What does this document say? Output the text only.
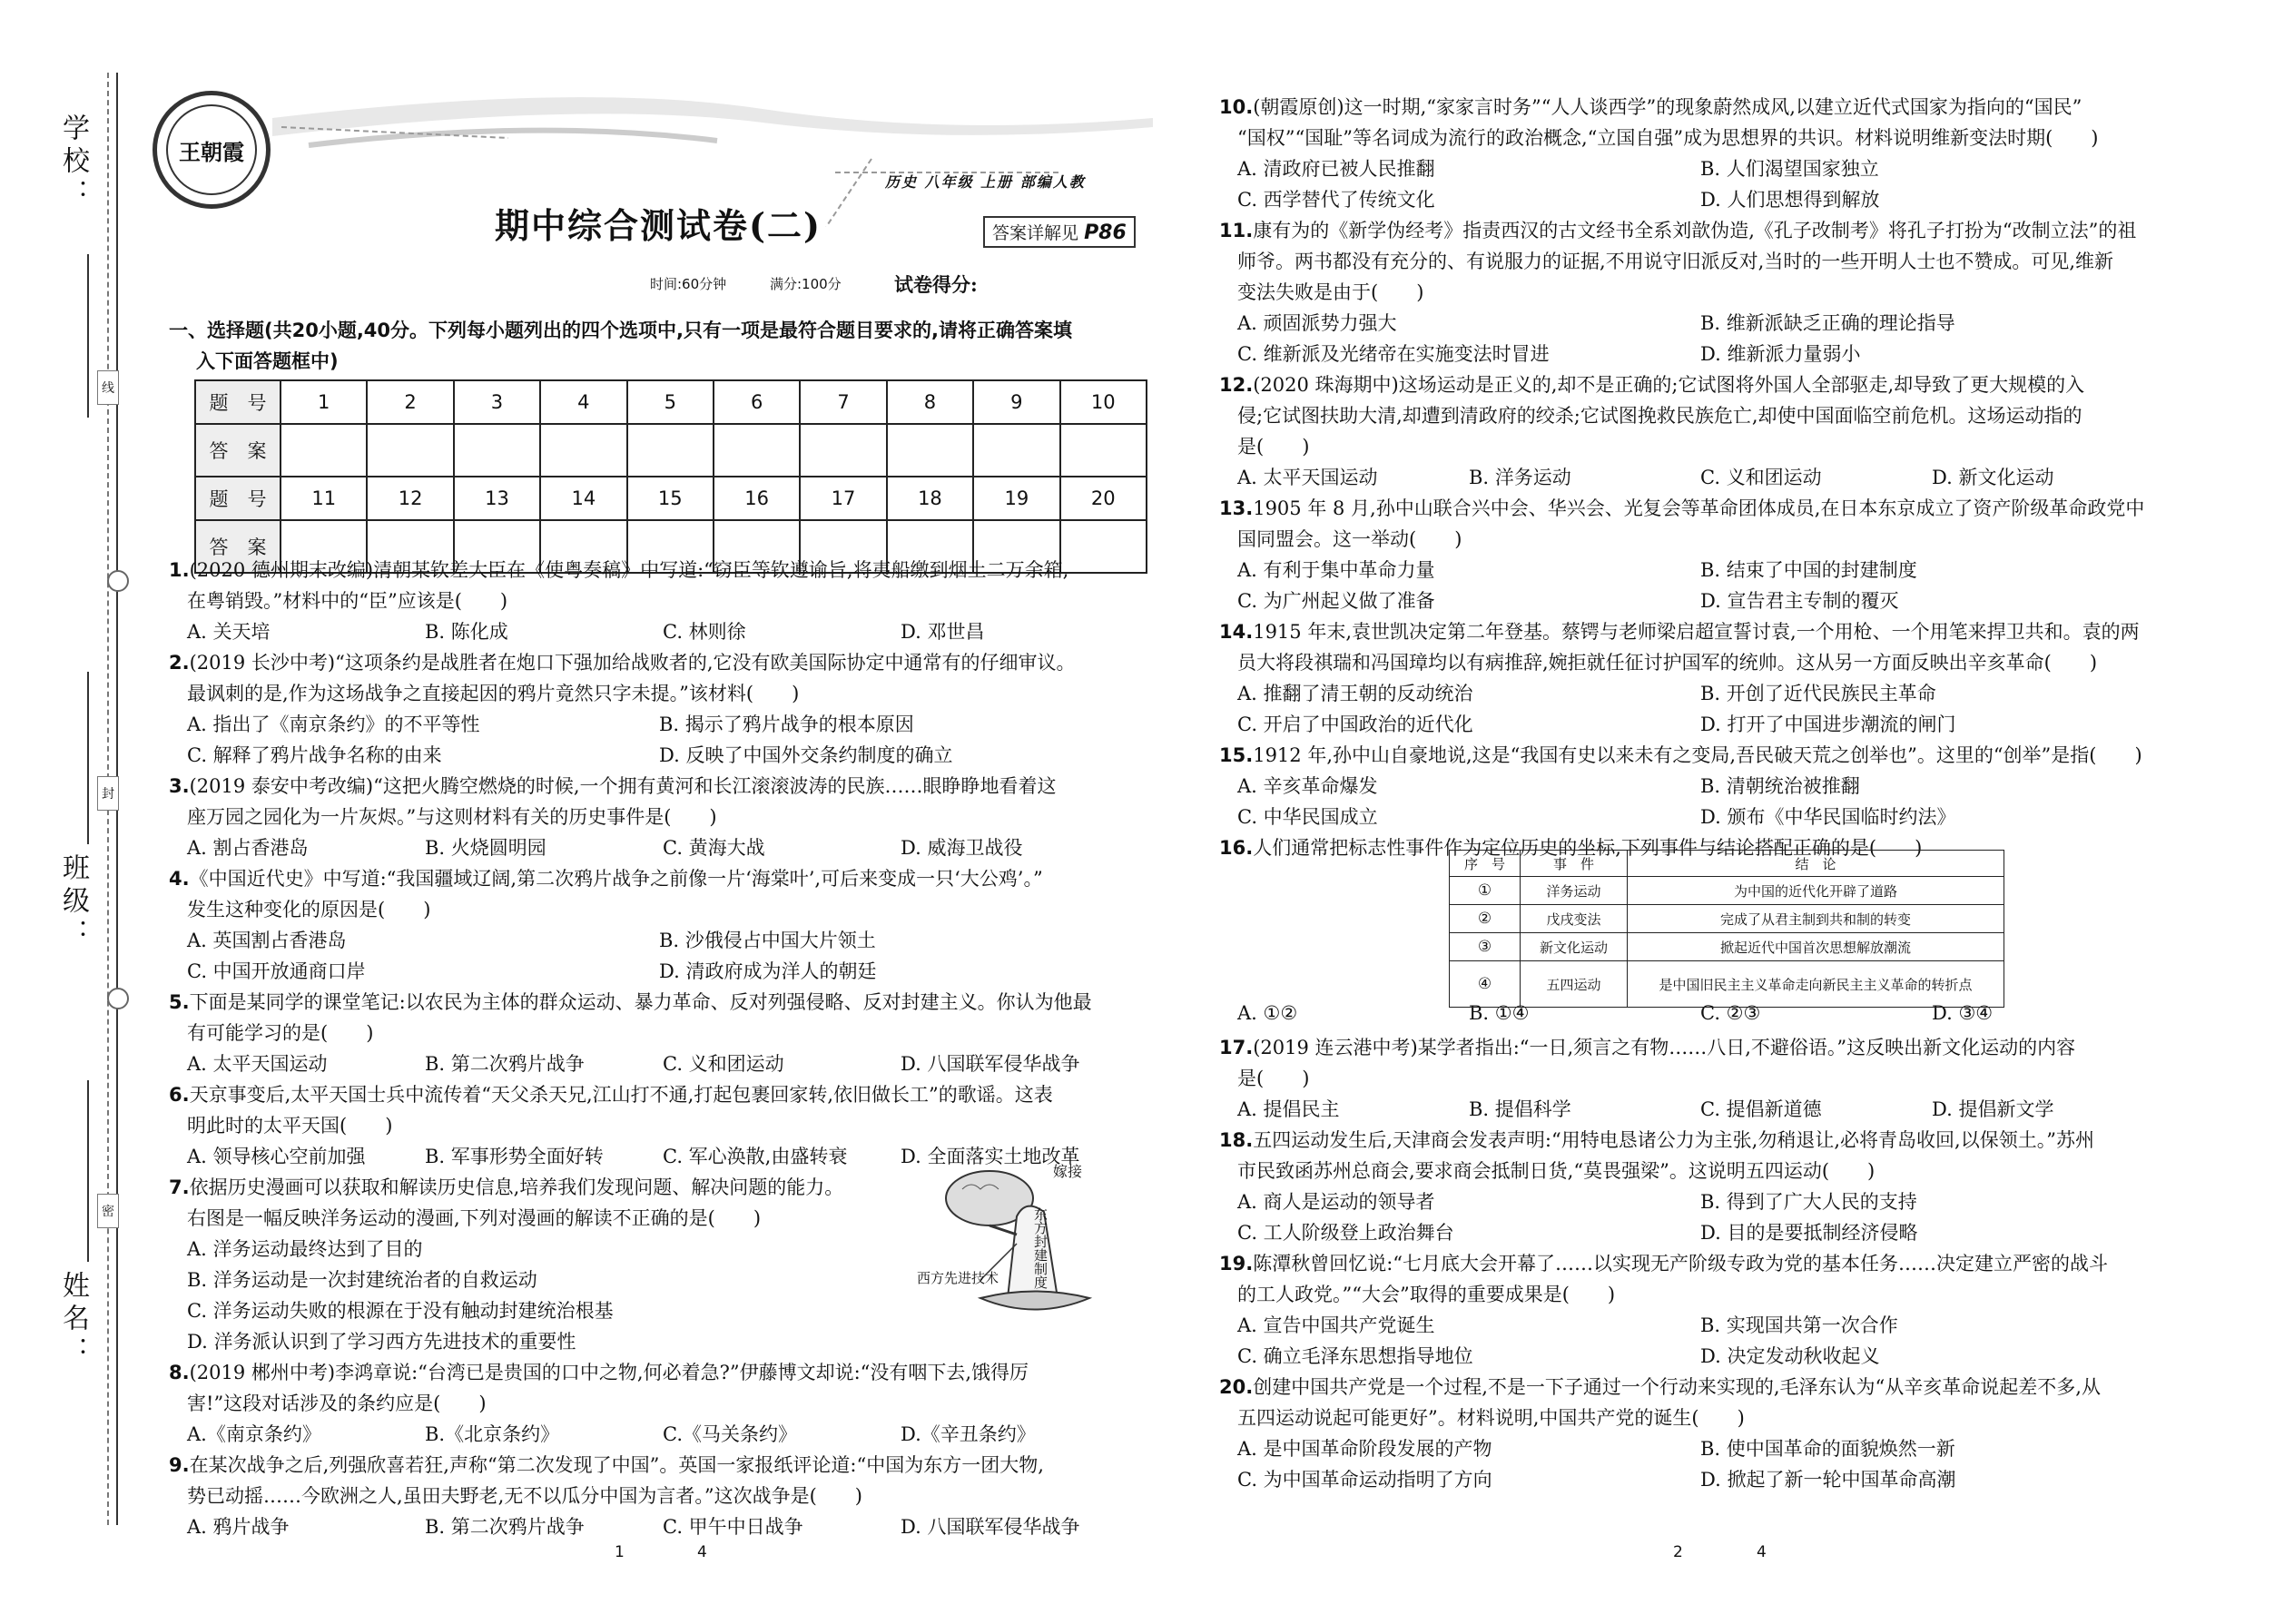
学校：
班级：
姓名：
线
封
密
王朝霞
历史 八年级 上册 部编人教
期中综合测试卷(二)	答案详解见 P86
时间:60分钟	满分:100分	试卷得分:
一、选择题(共20小题,40分。下列每小题列出的四个选项中,只有一项是最符合题目要求的,请将正确答案填
入下面答题框中)
题　号	1	2	3	4	5	6	7	8	9	10
答　案										
题　号	11	12	13	14	15	16	17	18	19	20
答　案										
1.(2020 德州期末改编)清朝某钦差大臣在《使粤奏稿》中写道:“窃臣等钦遵谕旨,将夷船缴到烟土二万余箱,
在粤销毁。”材料中的“臣”应该是(　　)
A. 关天培	B. 陈化成	C. 林则徐	D. 邓世昌
2.(2019 长沙中考)“这项条约是战胜者在炮口下强加给战败者的,它没有欧美国际协定中通常有的仔细审议。
最讽刺的是,作为这场战争之直接起因的鸦片竟然只字未提。”该材料(　　)
A. 指出了《南京条约》的不平等性	B. 揭示了鸦片战争的根本原因
C. 解释了鸦片战争名称的由来	D. 反映了中国外交条约制度的确立
3.(2019 泰安中考改编)“这把火腾空燃烧的时候,一个拥有黄河和长江滚滚波涛的民族……眼睁睁地看着这
座万园之园化为一片灰烬。”与这则材料有关的历史事件是(　　)
A. 割占香港岛	B. 火烧圆明园	C. 黄海大战	D. 威海卫战役
4.《中国近代史》中写道:“我国疆域辽阔,第二次鸦片战争之前像一片‘海棠叶’,可后来变成一只‘大公鸡’。”
发生这种变化的原因是(　　)
A. 英国割占香港岛	B. 沙俄侵占中国大片领土
C. 中国开放通商口岸	D. 清政府成为洋人的朝廷
5.下面是某同学的课堂笔记:以农民为主体的群众运动、暴力革命、反对列强侵略、反对封建主义。你认为他最
有可能学习的是(　　)
A. 太平天国运动	B. 第二次鸦片战争	C. 义和团运动	D. 八国联军侵华战争
6.天京事变后,太平天国士兵中流传着“天父杀天兄,江山打不通,打起包裹回家转,依旧做长工”的歌谣。这表
明此时的太平天国(　　)
A. 领导核心空前加强	B. 军事形势全面好转	C. 军心涣散,由盛转衰	D. 全面落实土地改革
7.依据历史漫画可以获取和解读历史信息,培养我们发现问题、解决问题的能力。
右图是一幅反映洋务运动的漫画,下列对漫画的解读不正确的是(　　)
A. 洋务运动最终达到了目的
B. 洋务运动是一次封建统治者的自救运动
C. 洋务运动失败的根源在于没有触动封建统治根基
D. 洋务派认识到了学习西方先进技术的重要性
8.(2019 郴州中考)李鸿章说:“台湾已是贵国的口中之物,何必着急?”伊藤博文却说:“没有咽下去,饿得厉
害!”这段对话涉及的条约应是(　　)
A.《南京条约》	B.《北京条约》	C.《马关条约》	D.《辛丑条约》
9.在某次战争之后,列强欣喜若狂,声称“第二次发现了中国”。英国一家报纸评论道:“中国为东方一团大物,
势已动摇……今欧洲之人,虽田夫野老,无不以瓜分中国为言者。”这次战争是(　　)
A. 鸦片战争	B. 第二次鸦片战争	C. 甲午中日战争	D. 八国联军侵华战争
嫁接
东方封建制度
西方先进技术
1	4
10.(朝霞原创)这一时期,“家家言时务”“人人谈西学”的现象蔚然成风,以建立近代式国家为指向的“国民”
“国权”“国耻”等名词成为流行的政治概念,“立国自强”成为思想界的共识。材料说明维新变法时期(　　)
A. 清政府已被人民推翻	B. 人们渴望国家独立
C. 西学替代了传统文化	D. 人们思想得到解放
11.康有为的《新学伪经考》指责西汉的古文经书全系刘歆伪造,《孔子改制考》将孔子打扮为“改制立法”的祖
师爷。两书都没有充分的、有说服力的证据,不用说守旧派反对,当时的一些开明人士也不赞成。可见,维新
变法失败是由于(　　)
A. 顽固派势力强大	B. 维新派缺乏正确的理论指导
C. 维新派及光绪帝在实施变法时冒进	D. 维新派力量弱小
12.(2020 珠海期中)这场运动是正义的,却不是正确的;它试图将外国人全部驱走,却导致了更大规模的入
侵;它试图扶助大清,却遭到清政府的绞杀;它试图挽救民族危亡,却使中国面临空前危机。这场运动指的
是(　　)
A. 太平天国运动	B. 洋务运动	C. 义和团运动	D. 新文化运动
13.1905 年 8 月,孙中山联合兴中会、华兴会、光复会等革命团体成员,在日本东京成立了资产阶级革命政党中
国同盟会。这一举动(　　)
A. 有利于集中革命力量	B. 结束了中国的封建制度
C. 为广州起义做了准备	D. 宣告君主专制的覆灭
14.1915 年末,袁世凯决定第二年登基。蔡锷与老师梁启超宣誓讨袁,一个用枪、一个用笔来捍卫共和。袁的两
员大将段祺瑞和冯国璋均以有病推辞,婉拒就任征讨护国军的统帅。这从另一方面反映出辛亥革命(　　)
A. 推翻了清王朝的反动统治	B. 开创了近代民族民主革命
C. 开启了中国政治的近代化	D. 打开了中国进步潮流的闸门
15.1912 年,孙中山自豪地说,这是“我国有史以来未有之变局,吾民破天荒之创举也”。这里的“创举”是指(　　)
A. 辛亥革命爆发	B. 清朝统治被推翻
C. 中华民国成立	D. 颁布《中华民国临时约法》
16.人们通常把标志性事件作为定位历史的坐标,下列事件与结论搭配正确的是(　　)
A. ①②	B. ①④	C. ②③	D. ③④
17.(2019 连云港中考)某学者指出:“一日,须言之有物……八日,不避俗语。”这反映出新文化运动的内容
是(　　)
A. 提倡民主	B. 提倡科学	C. 提倡新道德	D. 提倡新文学
18.五四运动发生后,天津商会发表声明:“用特电恳诸公力为主张,勿稍退让,必将青岛收回,以保领土。”苏州
市民致函苏州总商会,要求商会抵制日货,“莫畏强梁”。这说明五四运动(　　)
A. 商人是运动的领导者	B. 得到了广大人民的支持
C. 工人阶级登上政治舞台	D. 目的是要抵制经济侵略
19.陈潭秋曾回忆说:“七月底大会开幕了……以实现无产阶级专政为党的基本任务……决定建立严密的战斗
的工人政党。”“大会”取得的重要成果是(　　)
A. 宣告中国共产党诞生	B. 实现国共第一次合作
C. 确立毛泽东思想指导地位	D. 决定发动秋收起义
20.创建中国共产党是一个过程,不是一下子通过一个行动来实现的,毛泽东认为“从辛亥革命说起差不多,从
五四运动说起可能更好”。材料说明,中国共产党的诞生(　　)
A. 是中国革命阶段发展的产物	B. 使中国革命的面貌焕然一新
C. 为中国革命运动指明了方向	D. 掀起了新一轮中国革命高潮
序　号	事　件	结　论
①	洋务运动	为中国的近代化开辟了道路
②	戊戌变法	完成了从君主制到共和制的转变
③	新文化运动	掀起近代中国首次思想解放潮流
④	五四运动	是中国旧民主主义革命走向新民主主义革命的转折点
2	4
